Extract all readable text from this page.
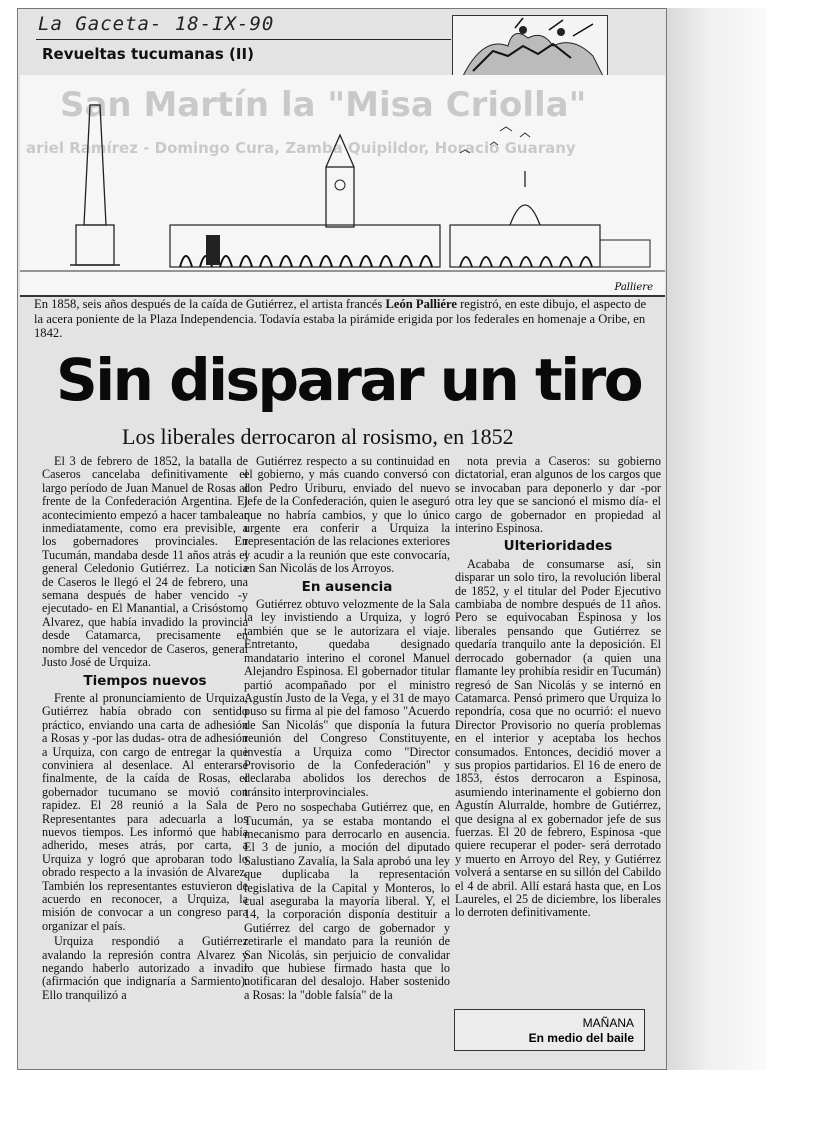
La Gaceta- 18-IX-90
Revueltas tucumanas (II)
San Martín la "Misa Criolla"
ariel Ramírez - Domingo Cura, Zamba Quipildor, Horacio Guarany
Palliere
En 1858, seis años después de la caída de Gutiérrez, el artista francés León Palliére registró, en este dibujo, el aspecto de la acera poniente de la Plaza Independencia. Todavía estaba la pirámide erigida por los federales en homenaje a Oribe, en 1842.
Sin disparar un tiro
Los liberales derrocaron al rosismo, en 1852

El 3 de febrero de 1852, la batalla de Caseros cancelaba definitivamente el largo período de Juan Manuel de Rosas al frente de la Confederación Argentina. El acontecimiento empezó a hacer tambalear inmediatamente, como era previsible, a los gobernadores provinciales. En Tucumán, mandaba desde 11 años atrás el general Celedonio Gutiérrez. La noticia de Caseros le llegó el 24 de febrero, una semana después de haber vencido -y ejecutado- en El Manantial, a Crisóstomo Alvarez, que había invadido la provincia desde Catamarca, precisamente en nombre del vencedor de Caseros, general Justo José de Urquiza.

Tiempos nuevos

Frente al pronunciamiento de Urquiza, Gutiérrez había obrado con sentido práctico, enviando una carta de adhesión a Rosas y -por las dudas- otra de adhesión a Urquiza, con cargo de entregar la que conviniera al desenlace. Al enterarse finalmente, de la caída de Rosas, el gobernador tucumano se movió con rapidez. El 28 reunió a la Sala de Representantes para adecuarla a los nuevos tiempos. Les informó que había adherido, meses atrás, por carta, a Urquiza y logró que aprobaran todo lo obrado respecto a la invasión de Alvarez. También los representantes estuvieron de acuerdo en reconocer, a Urquiza, la misión de convocar a un congreso para organizar el país.

Urquiza respondió a Gutiérrez avalando la represión contra Alvarez y negando haberlo autorizado a invadir (afirmación que indignaría a Sarmiento). Ello tranquilizó a

Gutiérrez respecto a su continuidad en el gobierno, y más cuando conversó con don Pedro Uriburu, enviado del nuevo jefe de la Confederación, quien le aseguró que no habría cambios, y que lo único urgente era conferir a Urquiza la representación de las relaciones exteriores y acudir a la reunión que este convocaría, en San Nicolás de los Arroyos.

En ausencia

Gutiérrez obtuvo velozmente de la Sala la ley invistiendo a Urquiza, y logró también que se le autorizara el viaje. Entretanto, quedaba designado mandatario interino el coronel Manuel Alejandro Espinosa. El gobernador titular partió acompañado por el ministro Agustín Justo de la Vega, y el 31 de mayo puso su firma al pie del famoso "Acuerdo de San Nicolás" que disponía la futura reunión del Congreso Constituyente, investía a Urquiza como "Director Provisorio de la Confederación" y declaraba abolidos los derechos de tránsito interprovinciales.

Pero no sospechaba Gutiérrez que, en Tucumán, ya se estaba montando el mecanismo para derrocarlo en ausencia. El 3 de junio, a moción del diputado Salustiano Zavalía, la Sala aprobó una ley que duplicaba la representación legislativa de la Capital y Monteros, lo cual aseguraba la mayoría liberal. Y, el 14, la corporación disponía destituir a Gutiérrez del cargo de gobernador y retirarle el mandato para la reunión de San Nicolás, sin perjuicio de convalidar lo que hubiese firmado hasta que lo notificaran del desalojo. Haber sostenido a Rosas: la "doble falsía" de la

nota previa a Caseros: su gobierno dictatorial, eran algunos de los cargos que se invocaban para deponerlo y dar -por otra ley que se sancionó el mismo día- el cargo de gobernador en propiedad al interino Espinosa.

Ulterioridades

Acababa de consumarse así, sin disparar un solo tiro, la revolución liberal de 1852, y el titular del Poder Ejecutivo cambiaba de nombre después de 11 años. Pero se equivocaban Espinosa y los liberales pensando que Gutiérrez se quedaría tranquilo ante la deposición. El derrocado gobernador (a quien una flamante ley prohibía residir en Tucumán) regresó de San Nicolás y se internó en Catamarca. Pensó primero que Urquiza lo repondría, cosa que no ocurrió: el nuevo Director Provisorio no quería problemas en el interior y aceptaba los hechos consumados. Entonces, decidió mover a sus propios partidarios. El 16 de enero de 1853, éstos derrocaron a Espinosa, asumiendo interinamente el gobierno don Agustín Alurralde, hombre de Gutiérrez, que designa al ex gobernador jefe de sus fuerzas. El 20 de febrero, Espinosa -que quiere recuperar el poder- será derrotado y muerto en Arroyo del Rey, y Gutiérrez volverá a sentarse en su sillón del Cabildo el 4 de abril. Allí estará hasta que, en Los Laureles, el 25 de diciembre, los liberales lo derroten definitivamente.

MAÑANA
En medio del baile
